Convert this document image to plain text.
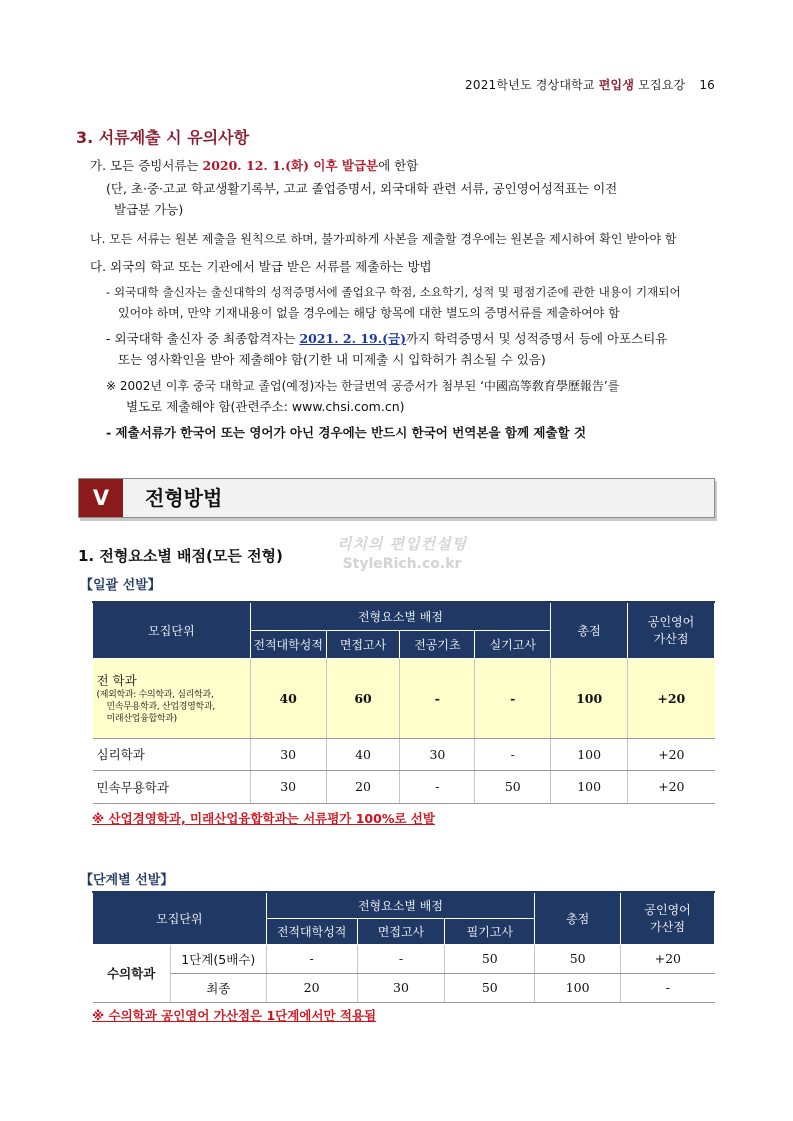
2021학년도 경상대학교 편입생 모집요강 16
3. 서류제출 시 유의사항
가. 모든 증빙서류는 2020. 12. 1.(화) 이후 발급분에 한함
(단, 초·중·고교 학교생활기록부, 고교 졸업증명서, 외국대학 관련 서류, 공인영어성적표는 이전
발급분 가능)
나. 모든 서류는 원본 제출을 원칙으로 하며, 불가피하게 사본을 제출할 경우에는 원본을 제시하여 확인 받아야 함
다. 외국의 학교 또는 기관에서 발급 받은 서류를 제출하는 방법
- 외국대학 출신자는 출신대학의 성적증명서에 졸업요구 학점, 소요학기, 성적 및 평점기준에 관한 내용이 기재되어
있어야 하며, 만약 기재내용이 없을 경우에는 해당 항목에 대한 별도의 증명서류를 제출하여야 함
- 외국대학 출신자 중 최종합격자는 2021. 2. 19.(금)까지 학력증명서 및 성적증명서 등에 아포스티유
또는 영사확인을 받아 제출해야 함(기한 내 미제출 시 입학허가 취소될 수 있음)
※ 2002년 이후 중국 대학교 졸업(예정)자는 한글번역 공증서가 첨부된 ‘中國高等敎育學歷報告’를
별도로 제출해야 함(관련주소: www.chsi.com.cn)
- 제출서류가 한국어 또는 영어가 아닌 경우에는 반드시 한국어 번역본을 함께 제출할 것
V	전형방법
1. 전형요소별 배점(모든 전형)
리치의 편입컨설팅
StyleRich.co.kr
【일괄 선발】
모집단위	전형요소별 배점				총점	공인영어
가산점
	전적대학성적	면접고사	전공기초	실기고사		

전 학과
(제외학과: 수의학과, 심리학과,
민속무용학과, 산업경영학과,
미래산업융합학과)	40	60	-	-	100	+20
심리학과	30	40	30	-	100	+20
민속무용학과	30	20	-	50	100	+20
※ 산업경영학과, 미래산업융합학과는 서류평가 100%로 선발
【단계별 선발】
모집단위		전형요소별 배점			총점	공인영어
가산점
		전적대학성적	면접고사	필기고사		
수의학과	1단계(5배수)	-	-	50	50	+20
	최종	20	30	50	100	-
※ 수의학과 공인영어 가산점은 1단계에서만 적용됨
